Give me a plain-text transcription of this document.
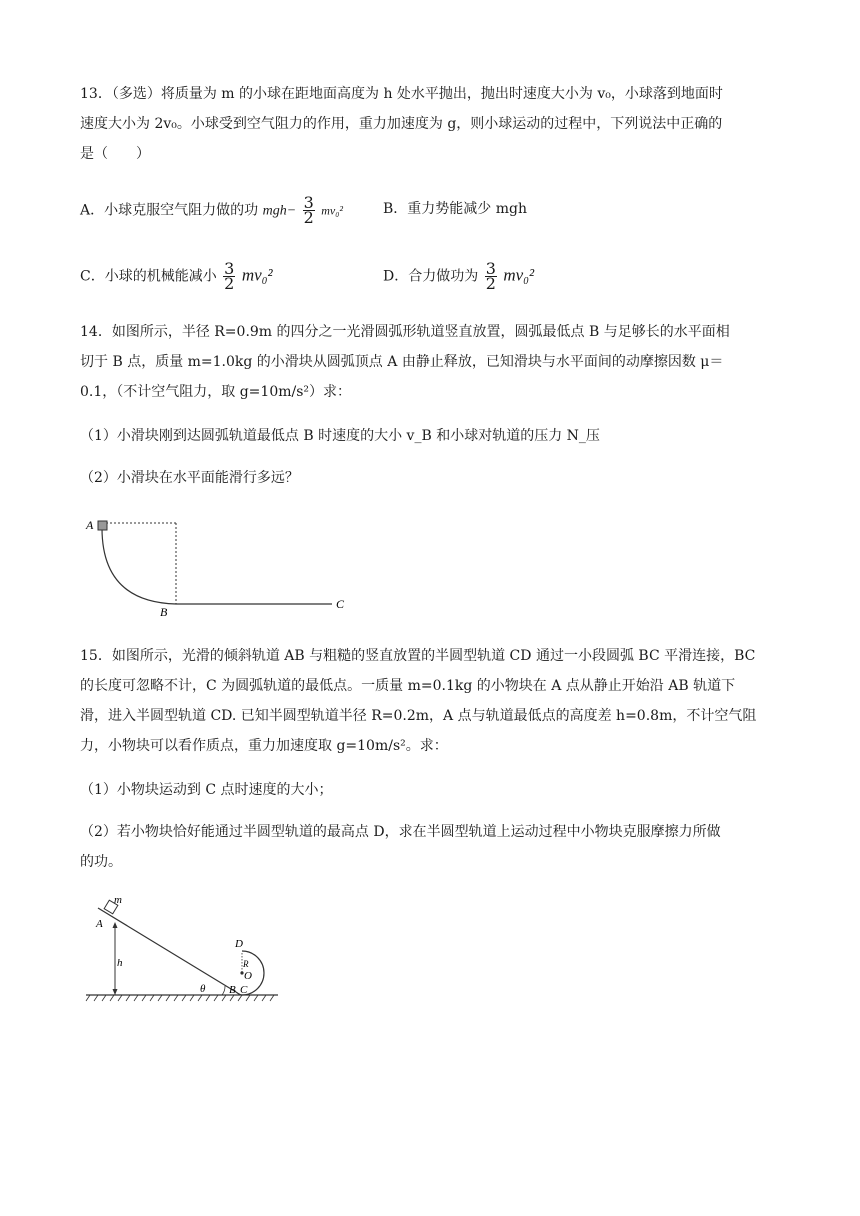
13．（多选）将质量为 m 的小球在距地面高度为 h 处水平抛出，抛出时速度大小为 v₀，小球落到地面时
速度大小为 2v₀。小球受到空气阻力的作用，重力加速度为 g，则小球运动的过程中，下列说法中正确的
是（　　）
A．小球克服空气阻力做的功 $mgh- \frac{3}{2} mv_0^2$	B．重力势能减少 mgh
C．小球的机械能减小 $\frac{3}{2} mv_0^2$	D．合力做功为 $\frac{3}{2} mv_0^2$
14．如图所示，半径 R=0.9m 的四分之一光滑圆弧形轨道竖直放置，圆弧最低点 B 与足够长的水平面相
切于 B 点，质量 m=1.0kg 的小滑块从圆弧顶点 A 由静止释放，已知滑块与水平面间的动摩擦因数 μ＝
0.1，（不计空气阻力，取 g=10m/s²）求：
（1）小滑块刚到达圆弧轨道最低点 B 时速度的大小 v_B 和小球对轨道的压力 N_压
（2）小滑块在水平面能滑行多远？
A
B
C
15．如图所示，光滑的倾斜轨道 AB 与粗糙的竖直放置的半圆型轨道 CD 通过一小段圆弧 BC 平滑连接，BC
的长度可忽略不计，C 为圆弧轨道的最低点。一质量 m=0.1kg 的小物块在 A 点从静止开始沿 AB 轨道下
滑，进入半圆型轨道 CD. 已知半圆型轨道半径 R=0.2m，A 点与轨道最低点的高度差 h=0.8m，不计空气阻
力，小物块可以看作质点，重力加速度取 g=10m/s²。求：
（1）小物块运动到 C 点时速度的大小；
（2）若小物块恰好能通过半圆型轨道的最高点 D，求在半圆型轨道上运动过程中小物块克服摩擦力所做
的功。
m
A
h
θ
D
R
O
B C
